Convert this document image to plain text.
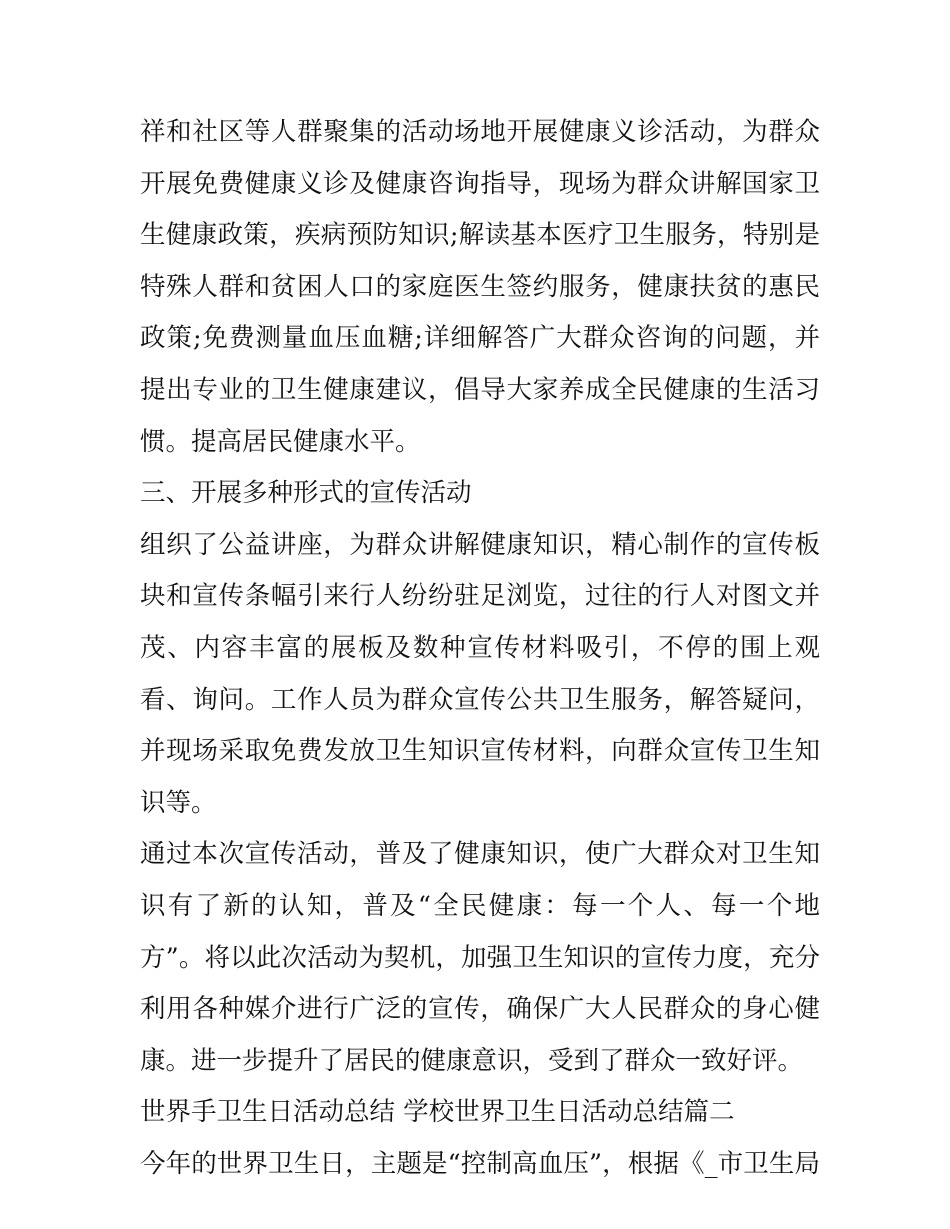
祥和社区等人群聚集的活动场地开展健康义诊活动，为群众开展免费健康义诊及健康咨询指导，现场为群众讲解国家卫生健康政策，疾病预防知识;解读基本医疗卫生服务，特别是特殊人群和贫困人口的家庭医生签约服务，健康扶贫的惠民政策;免费测量血压血糖;详细解答广大群众咨询的问题，并提出专业的卫生健康建议，倡导大家养成全民健康的生活习惯。提高居民健康水平。

三、开展多种形式的宣传活动

组织了公益讲座，为群众讲解健康知识，精心制作的宣传板块和宣传条幅引来行人纷纷驻足浏览，过往的行人对图文并茂、内容丰富的展板及数种宣传材料吸引，不停的围上观看、询问。工作人员为群众宣传公共卫生服务，解答疑问，并现场采取免费发放卫生知识宣传材料，向群众宣传卫生知识等。

通过本次宣传活动，普及了健康知识，使广大群众对卫生知识有了新的认知，普及“全民健康：每一个人、每一个地方”。将以此次活动为契机，加强卫生知识的宣传力度，充分利用各种媒介进行广泛的宣传，确保广大人民群众的身心健康。进一步提升了居民的健康意识，受到了群众一致好评。

世界手卫生日活动总结 学校世界卫生日活动总结篇二

今年的世界卫生日，主题是“控制高血压”，根据《_市卫生局
